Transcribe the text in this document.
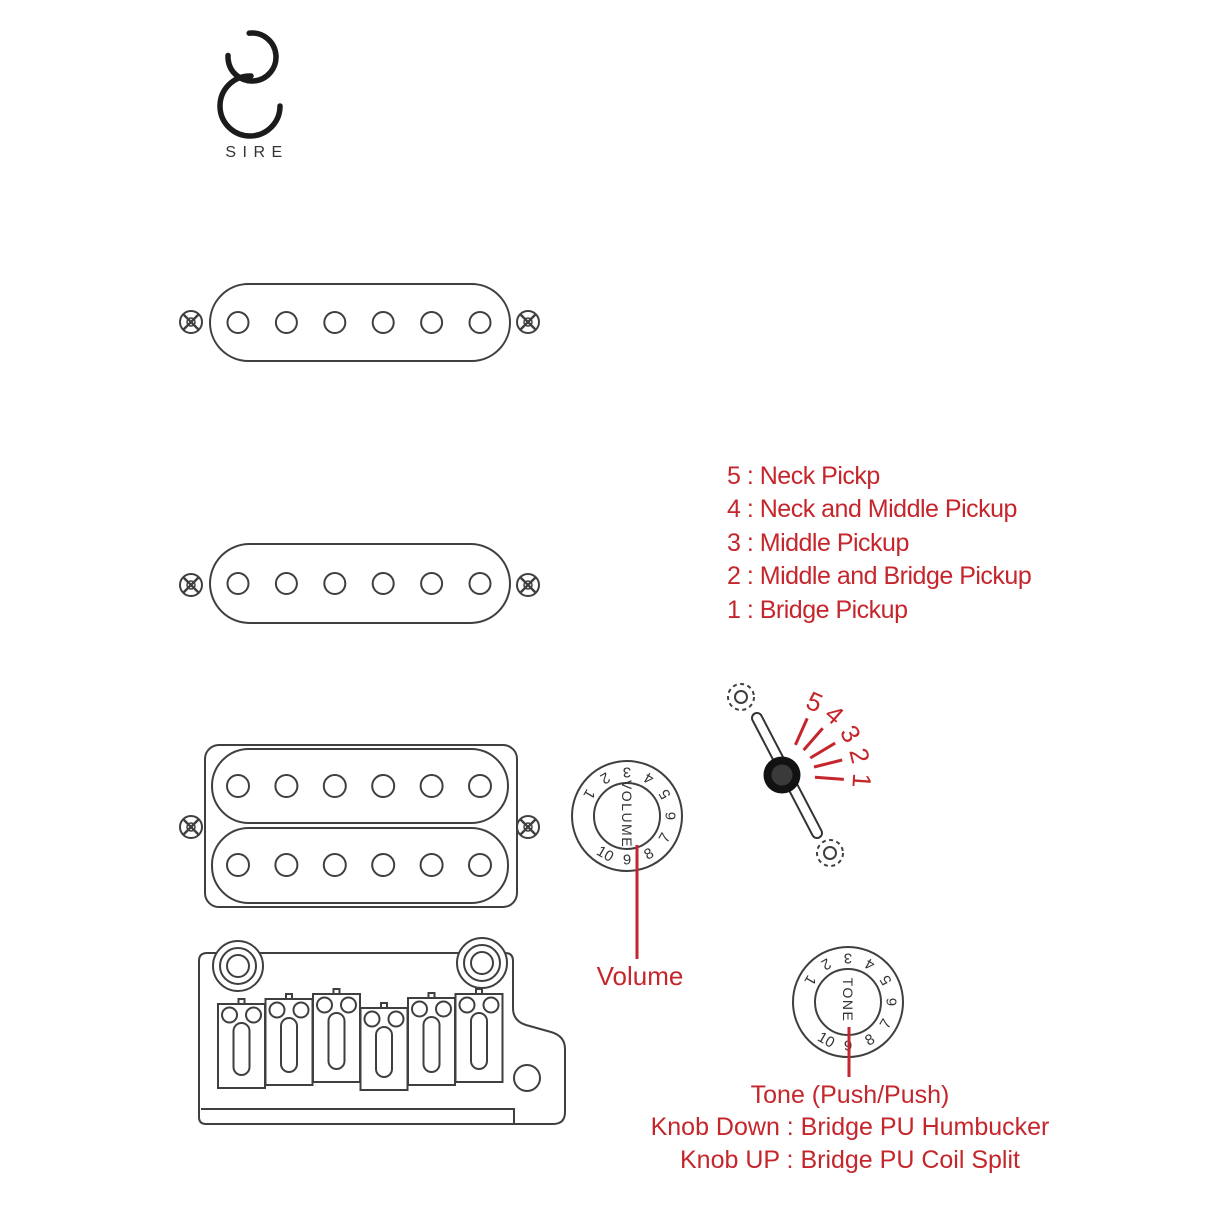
SIRE
VOLUME
1
2 3 4
5
6
7
8
9
10
TONE
1
2 3 4
5
6
7
8
9
10
5
4
3
2
1
5 : Neck Pickp
4 : Neck and Middle Pickup
3 : Middle Pickup
2 : Middle and Bridge Pickup
1 : Bridge Pickup
Volume
Tone (Push/Push)
Knob Down : Bridge PU Humbucker
Knob UP : Bridge PU Coil Split
